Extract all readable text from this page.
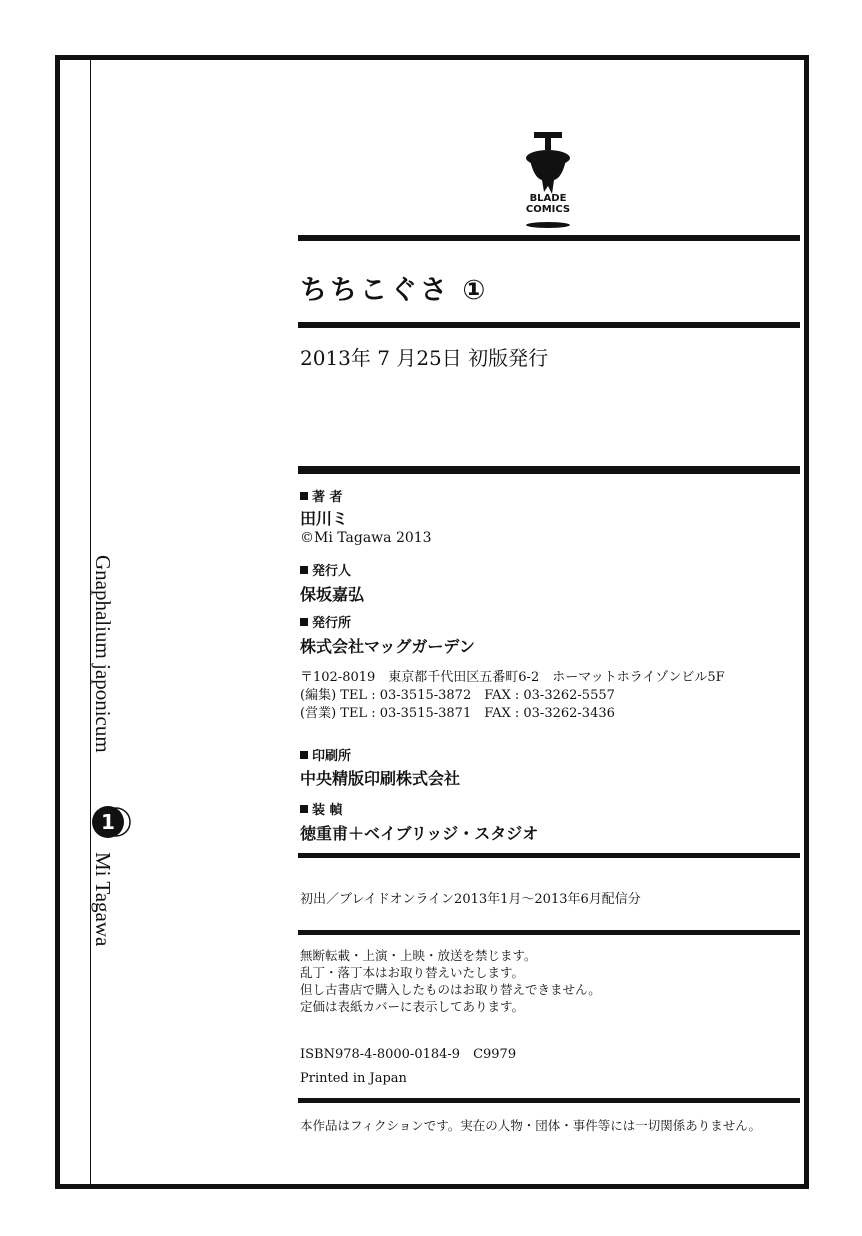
Gnaphalium japonicum
1
Mi Tagawa
BLADE
COMICS
ちちこぐさ ①
2013年 7 月25日 初版発行
著 者
田川ミ
©Mi Tagawa 2013
発行人
保坂嘉弘
発行所
株式会社マッグガーデン
〒102-8019　東京都千代田区五番町6-2　ホーマットホライゾンビル5F
(編集) TEL : 03-3515-3872　FAX : 03-3262-5557
(営業) TEL : 03-3515-3871　FAX : 03-3262-3436
印刷所
中央精版印刷株式会社
装 幀
徳重甫＋ベイブリッジ・スタジオ
初出／ブレイドオンライン2013年1月〜2013年6月配信分
無断転載・上演・上映・放送を禁じます。
乱丁・落丁本はお取り替えいたします。
但し古書店で購入したものはお取り替えできません。
定価は表紙カバーに表示してあります。
ISBN978-4-8000-0184-9　C9979
Printed in Japan
本作品はフィクションです。実在の人物・団体・事件等には一切関係ありません。
